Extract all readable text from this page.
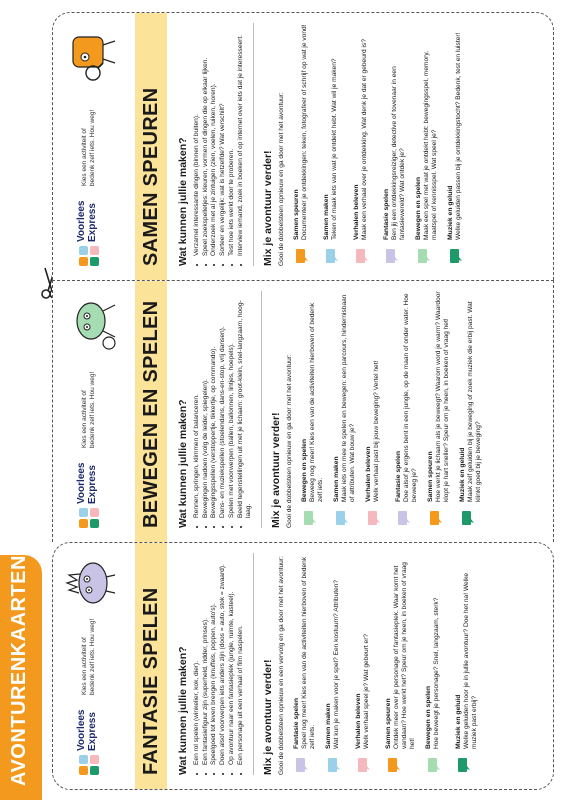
AVONTURENKAARTEN	Voorlees Express
Kies een activiteit of bedenk zelf iets. Hou weg! FANTASIE SPELEN Wat kunnen jullie maken? • Een rol spelen (winkelier, kok, dier). • Een fantasiefiguur zijn (superheld, ridder, prinses). • Speelgoed tot leven brengen (knuffels, poppen, auto's). • Doen alsof voorwerpen iets anders zijn (doos = auto, stok = zwaard). • Op avontuur naar een fantasieplek (jungle, ruimte, kasteel). • Een personage uit een verhaal of film naspelen. Mix je avontuur verder! Gooi de dobbelsteen opnieuw en een vervolg en ga door met het avontuur: Fantasie spelen Speel nog meer! Kies een van de activiteiten hierboven of bedenk zelf iets. Samen maken Wat kun je maken voor je spel? Een kostuum? Attributen? Verhalen beleven Welk verhaal speel je? Wat gebeurt er? Samen speuren Ontdek meer over je personage of fantasieplek. Waar komt het vandaan? Hoe werkt het? Speur om je heen, in boeken of vraag het! Bewegen en spelen Hoe beweegt je personage? Snel, langzaam, sterk? Muziek en geluid Welke geluiden hoor je in jullie avontuur? Doe het na! Welke muziek past erbij?
Voorlees Express
Kies een activiteit of bedenk zelf iets. Hou weg! BEWEGEN EN SPELEN Wat kunnen jullie maken? • Rennen, springen, klimmen of balanceren. • Bewegingen nadoen (volg de leider, spiegelen). • Bewegingsspellen (verstoppertje, tikkertje, op commando). • Dans- en muziekspellen (stoelendans, dans-en-stop, vrij dansen). • Spelen met voorwerpen (ballen, ballonnen, lintjes, hoepels). • Beeld tegenstellingen uit met je lichaam: groot-klein, snel-langzaam, hoog-laag. Mix je avontuur verder! Gooi de dobbelsteen opnieuw en ga door met het avontuur: Bewegen en spelen Beweeg nog meer! Kies een van de activiteiten hierboven of bedenk zelf iets. Samen maken Maak iets om mee te spelen en bewegen: een parcours, hindernisbaan of attributen. Wat bouw je? Verhalen beleven Welk verhaal past bij jouw beweging? Vertel het! Fantasie spelen Doe alsof je ergens bent in een jungle, op de maan of onder water. Hoe beweeg je? Samen speuren Hoe werkt je lichaam als je beweegt? Waarom word je warm? Waardoor klopt je hart sneller? Speur om je heen, in boeken of vraag het! Muziek en geluid Maak zelf geluiden bij je beweging of zoek muziek die erbij past. Wat klinkt goed bij je beweging?
Voorlees Express
Kies een activiteit of bedenk zelf iets. Hou weg! SAMEN SPEUREN Wat kunnen jullie maken? • Verzamel interessante dingen (binnen of buiten). • Speel zoekspelletjes: kleuren, vormen of dingen die op elkaar lijken. • Onderzoek met al je zintuigen (zien, voelen, ruiken, horen). • Sorteer en vergelijk: wat is hetzelfde? Wat verschilt? • Test hoe iets werkt door te proberen. • Interview iemand, zoek in boeken of op internet over iets dat je interesseert. Mix je avontuur verder! Gooi de dobbelsteen opnieuw en ga door met het avontuur: Samen speuren Documenteer je ontdekkingen: teken, fotografeer of schrijf op wat je vond! Samen maken Teken of maak iets van wat je ontdekt hebt. Wat wil je maken? Verhalen beleven Maak een verhaal over je ontdekking. Wat denk je dat er gebeurd is? Fantasie spelen Ben jij een ontdekkingsreiziger, detective of tovenaar in een fantasiewereld? Wat ontdek je? Bewegen en spelen Maak een spel met wat je ontdekt hebt: bewegingsspel, memory, maatspel of kennisspel. Wat speel je? Muziek en geluid Welke geluiden passen bij je ontdekkingstocht? Bedenk, test en luister!
